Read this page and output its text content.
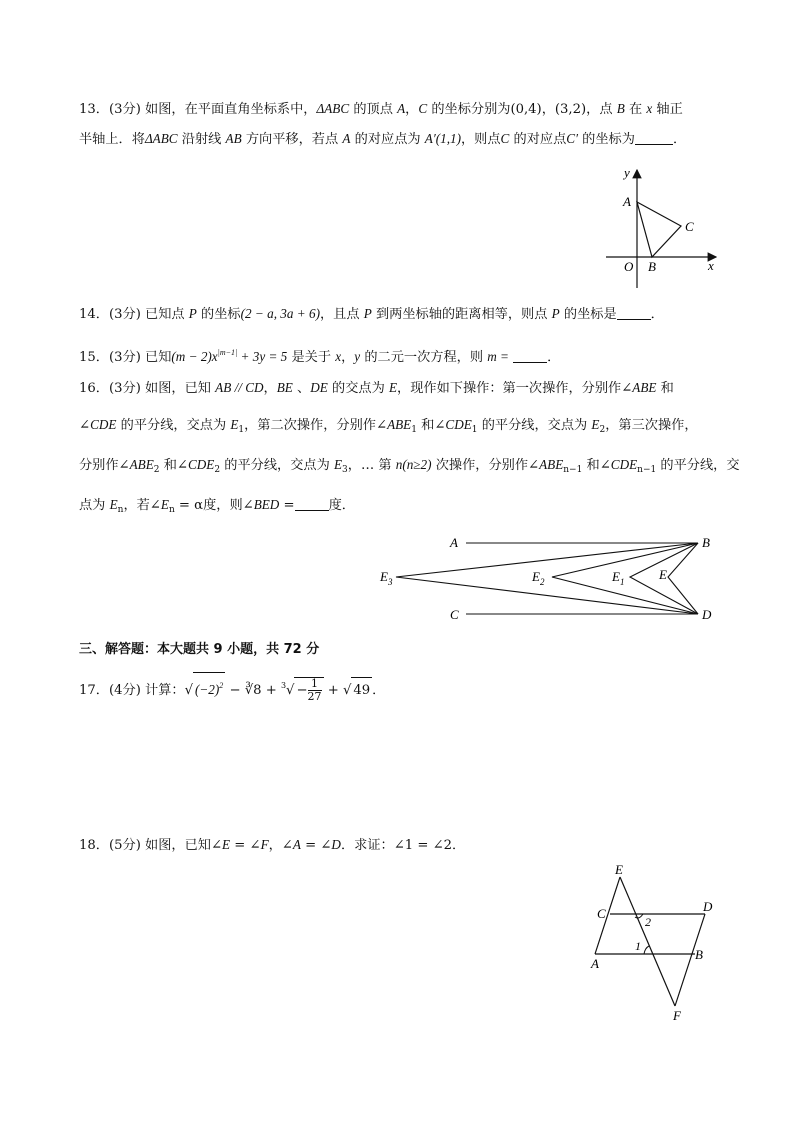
13．(3分) 如图，在平面直角坐标系中，ΔABC 的顶点 A，C 的坐标分别为(0,4)，(3,2)，点 B 在 x 轴正
半轴上．将ΔABC 沿射线 AB 方向平移，若点 A 的对应点为 A′(1,1)，则点C 的对应点C′ 的坐标为	．
y
x
A
C
O B
14．(3分) 已知点 P 的坐标(2 − a, 3a + 6)，且点 P 到两坐标轴的距离相等，则点 P 的坐标是	．
15．(3分) 已知$(m - 2)x^{|m-1|} + 3y = 5$ 是关于 x，y 的二元一次方程，则 m =	．
16．(3分) 如图，已知 AB // CD，BE 、DE 的交点为 E，现作如下操作：第一次操作，分别作∠ABE 和
∠CDE 的平分线，交点为 $E_1$，第二次操作，分别作$\angle ABE_1$ 和$\angle CDE_1$ 的平分线，交点为 $E_2$，第三次操作，
分别作$\angle ABE_2$ 和$\angle CDE_2$ 的平分线，交点为 $E_3$，… 第 n(n≥2) 次操作，分别作$\angle ABE_{n-1}$ 和$\angle CDE_{n-1}$ 的平分线，交
点为 $E_n$，若$\angle E_n = \alpha$度，则∠BED =	度．
A	B
C	D
E
$E_1$
$E_2$
$E_3$
三、解答题：本大题共 9 小题，共 72 分
17．(4分) 计算：√ $(-2)^2$ − ∛8 + $^3√ - \frac{1}{27}$ + √ 49 ．
18．(5分) 如图，已知∠E = ∠F，∠A = ∠D．求证：∠1 = ∠2．
E
C	D
2
1
A
B
F
